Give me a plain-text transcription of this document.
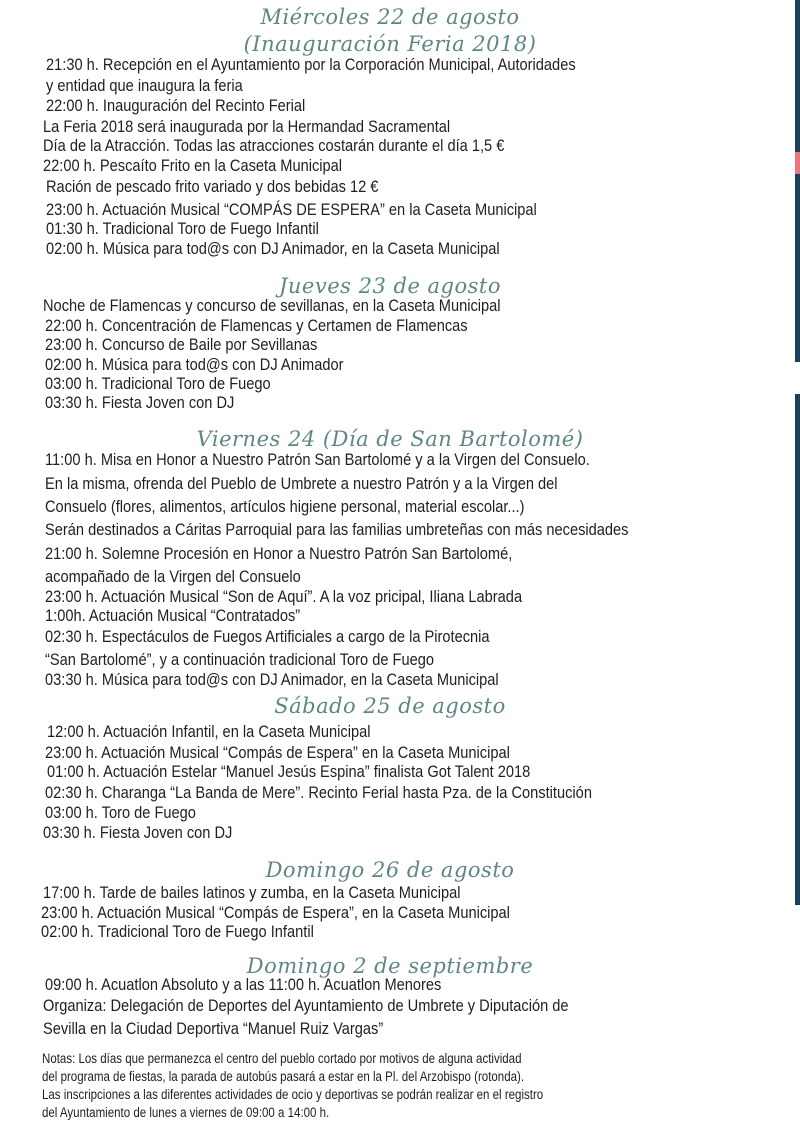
Miércoles 22 de agosto
(Inauguración Feria 2018)
21:30 h. Recepción en el Ayuntamiento por la Corporación Municipal, Autoridades
y entidad que inaugura la feria
22:00 h. Inauguración del Recinto Ferial
La Feria 2018 será inaugurada por la Hermandad Sacramental
Día de la Atracción. Todas las atracciones costarán durante el día 1,5 €
22:00 h. Pescaíto Frito en la Caseta Municipal
Ración de pescado frito variado y dos bebidas 12 €
23:00 h. Actuación Musical “COMPÁS DE ESPERA” en la Caseta Municipal
01:30 h. Tradicional Toro de Fuego Infantil
02:00 h. Música para tod@s con DJ Animador, en la Caseta Municipal
Jueves 23 de agosto
Noche de Flamencas y concurso de sevillanas, en la Caseta Municipal
22:00 h. Concentración de Flamencas y Certamen de Flamencas
23:00 h. Concurso de Baile por Sevillanas
02:00 h. Música para tod@s con DJ Animador
03:00 h. Tradicional Toro de Fuego
03:30 h. Fiesta Joven con DJ
Viernes 24 (Día de San Bartolomé)
11:00 h. Misa en Honor a Nuestro Patrón San Bartolomé y a la Virgen del Consuelo.
En la misma, ofrenda del Pueblo de Umbrete a nuestro Patrón y a la Virgen del
Consuelo (flores, alimentos, artículos higiene personal, material escolar...)
Serán destinados a Cáritas Parroquial para las familias umbreteñas con más necesidades
21:00 h. Solemne Procesión en Honor a Nuestro Patrón San Bartolomé,
acompañado de la Virgen del Consuelo
23:00 h. Actuación Musical “Son de Aquí”. A la voz pricipal, Iliana Labrada
1:00h. Actuación Musical “Contratados”
02:30 h. Espectáculos de Fuegos Artificiales a cargo de la Pirotecnia
“San Bartolomé”, y a continuación tradicional Toro de Fuego
03:30 h. Música para tod@s con DJ Animador, en la Caseta Municipal
Sábado 25 de agosto
12:00 h. Actuación Infantil, en la Caseta Municipal
23:00 h. Actuación Musical “Compás de Espera” en la Caseta Municipal
01:00 h. Actuación Estelar “Manuel Jesús Espina” finalista Got Talent 2018
02:30 h. Charanga “La Banda de Mere”. Recinto Ferial hasta Pza. de la Constitución
03:00 h. Toro de Fuego
03:30 h. Fiesta Joven con DJ
Domingo 26 de agosto
17:00 h. Tarde de bailes latinos y zumba, en la Caseta Municipal
23:00 h. Actuación Musical “Compás de Espera”, en la Caseta Municipal
02:00 h. Tradicional Toro de Fuego Infantil
Domingo 2 de septiembre
09:00 h. Acuatlon Absoluto y a las 11:00 h. Acuatlon Menores
Organiza: Delegación de Deportes del Ayuntamiento de Umbrete y Diputación de
Sevilla en la Ciudad Deportiva “Manuel Ruiz Vargas”
Notas: Los días que permanezca el centro del pueblo cortado por motivos de alguna actividad
del programa de fiestas, la parada de autobús pasará a estar en la Pl. del Arzobispo (rotonda).
Las inscripciones a las diferentes actividades de ocio y deportivas se podrán realizar en el registro
del Ayuntamiento de lunes a viernes de 09:00 a 14:00 h.
